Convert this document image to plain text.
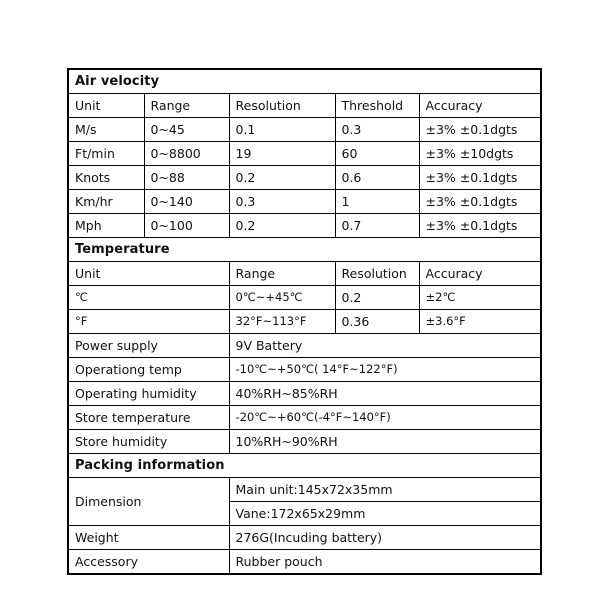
Air velocity				
Unit	Range	Resolution	Threshold	Accuracy
M/s	0~45	0.1	0.3	±3% ±0.1dgts
Ft/min	0~8800	19	60	±3% ±10dgts
Knots	0~88	0.2	0.6	±3% ±0.1dgts
Km/hr	0~140	0.3	1	±3% ±0.1dgts
Mph	0~100	0.2	0.7	±3% ±0.1dgts
Temperature				
Unit		Range	Resolution	Accuracy
℃		0℃~+45℃	0.2	±2℃
°F		32°F~113°F	0.36	±3.6°F
Power supply		9V Battery		
Operationg temp		-10℃~+50℃( 14°F~122°F)		
Operating humidity		40%RH~85%RH		
Store temperature		-20℃~+60℃(-4°F~140°F)		
Store humidity		10%RH~90%RH		
Packing information				
Dimension		Main unit:145x72x35mm		
		Vane:172x65x29mm		
Weight		276G(Incuding battery)		
Accessory		Rubber pouch		
